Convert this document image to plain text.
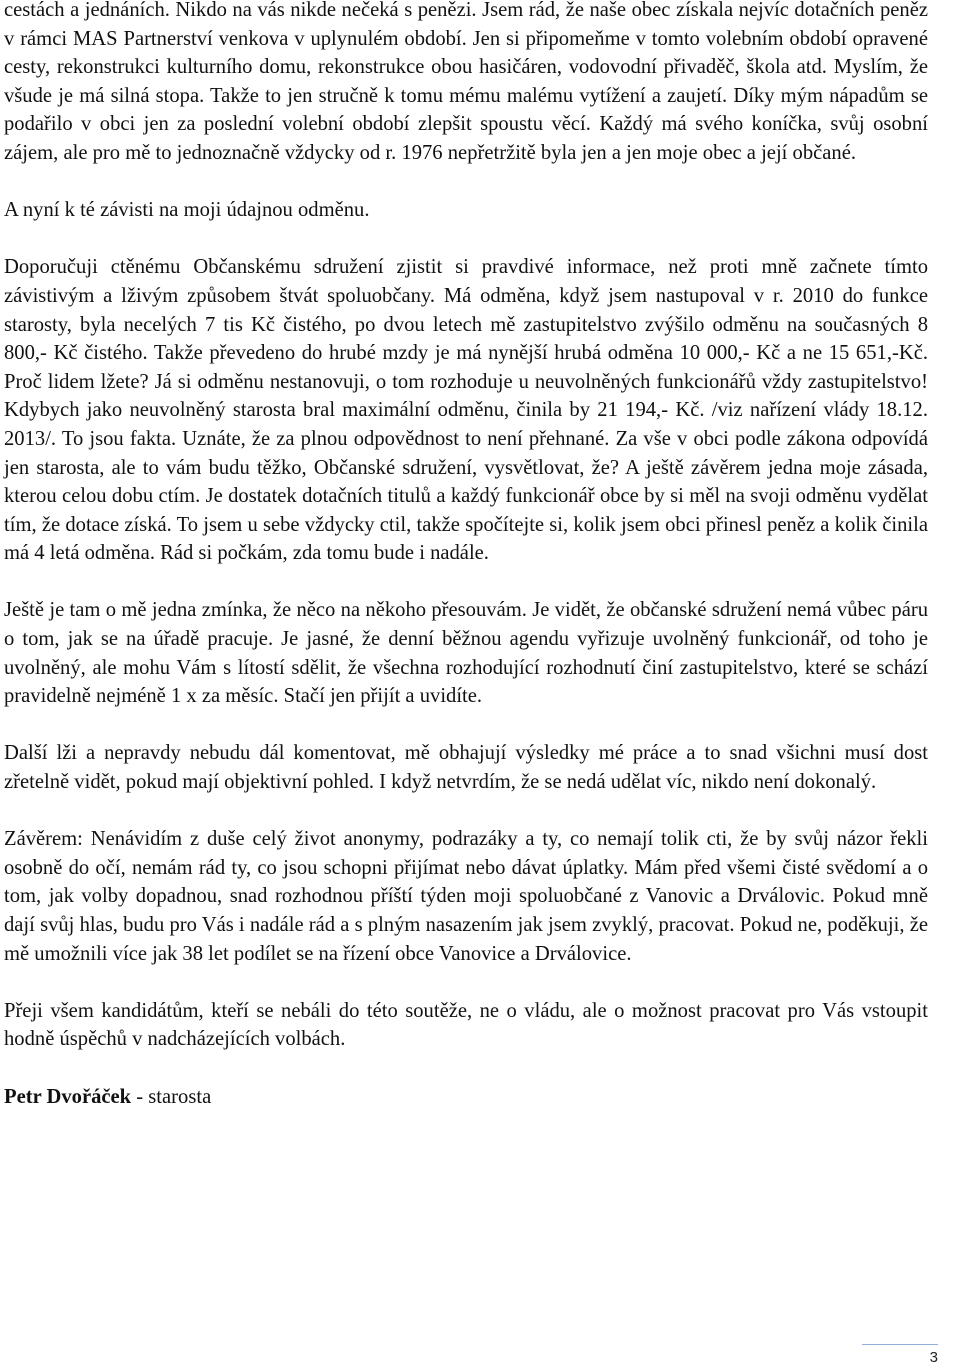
cestách a jednáních. Nikdo na vás nikde nečeká s penězi. Jsem rád, že naše obec získala nejvíc dotačních peněz v rámci MAS Partnerství venkova v uplynulém období. Jen si připomeňme v tomto volebním období opravené cesty, rekonstrukci kulturního domu, rekonstrukce obou hasičáren, vodovodní přivaděč, škola atd. Myslím, že všude je má silná stopa. Takže to jen stručně k tomu mému malému vytížení a zaujetí. Díky mým nápadům se podařilo v obci jen za poslední volební období zlepšit spoustu věcí. Každý má svého koníčka, svůj osobní zájem, ale pro mě to jednoznačně vždycky od r. 1976 nepřetržitě byla jen a jen moje obec a její občané.

A nyní k té závisti na moji údajnou odměnu.

Doporučuji ctěnému Občanskému sdružení zjistit si pravdivé informace, než proti mně začnete tímto závistivým a lživým způsobem štvát spoluobčany. Má odměna, když jsem nastupoval v r. 2010 do funkce starosty, byla necelých 7 tis Kč čistého, po dvou letech mě zastupitelstvo zvýšilo odměnu na současných 8 800,- Kč čistého. Takže převedeno do hrubé mzdy je má nynější hrubá odměna 10 000,- Kč a ne 15 651,-Kč. Proč lidem lžete? Já si odměnu nestanovuji, o tom rozhoduje u neuvolněných funkcionářů vždy zastupitelstvo! Kdybych jako neuvolněný starosta bral maximální odměnu, činila by 21 194,- Kč. /viz nařízení vlády 18.12. 2013/. To jsou fakta. Uznáte, že za plnou odpovědnost to není přehnané. Za vše v obci podle zákona odpovídá jen starosta, ale to vám budu těžko, Občanské sdružení, vysvětlovat, že? A ještě závěrem jedna moje zásada, kterou celou dobu ctím. Je dostatek dotačních titulů a každý funkcionář obce by si měl na svoji odměnu vydělat tím, že dotace získá. To jsem u sebe vždycky ctil, takže spočítejte si, kolik jsem obci přinesl peněz a kolik činila má 4 letá odměna. Rád si počkám, zda tomu bude i nadále.

Ještě je tam o mě jedna zmínka, že něco na někoho přesouvám. Je vidět, že občanské sdružení nemá vůbec páru o tom, jak se na úřadě pracuje. Je jasné, že denní běžnou agendu vyřizuje uvolněný funkcionář, od toho je uvolněný, ale mohu Vám s lítostí sdělit, že všechna rozhodující rozhodnutí činí zastupitelstvo, které se schází pravidelně nejméně 1 x za měsíc. Stačí jen přijít a uvidíte.

Další lži a nepravdy nebudu dál komentovat, mě obhajují výsledky mé práce a to snad všichni musí dost zřetelně vidět, pokud mají objektivní pohled. I když netvrdím, že se nedá udělat víc, nikdo není dokonalý.

Závěrem: Nenávidím z duše celý život anonymy, podrazáky a ty, co nemají tolik cti, že by svůj názor řekli osobně do očí, nemám rád ty, co jsou schopni přijímat nebo dávat úplatky. Mám před všemi čisté svědomí a o tom, jak volby dopadnou, snad rozhodnou příští týden moji spoluobčané z Vanovic a Drválovic. Pokud mně dají svůj hlas, budu pro Vás i nadále rád a s plným nasazením jak jsem zvyklý, pracovat. Pokud ne, poděkuji, že mě umožnili více jak 38 let podílet se na řízení obce Vanovice a Drválovice.

Přeji všem kandidátům, kteří se nebáli do této soutěže, ne o vládu, ale o možnost pracovat pro Vás vstoupit hodně úspěchů v nadcházejících volbách.

Petr Dvořáček - starosta

3
